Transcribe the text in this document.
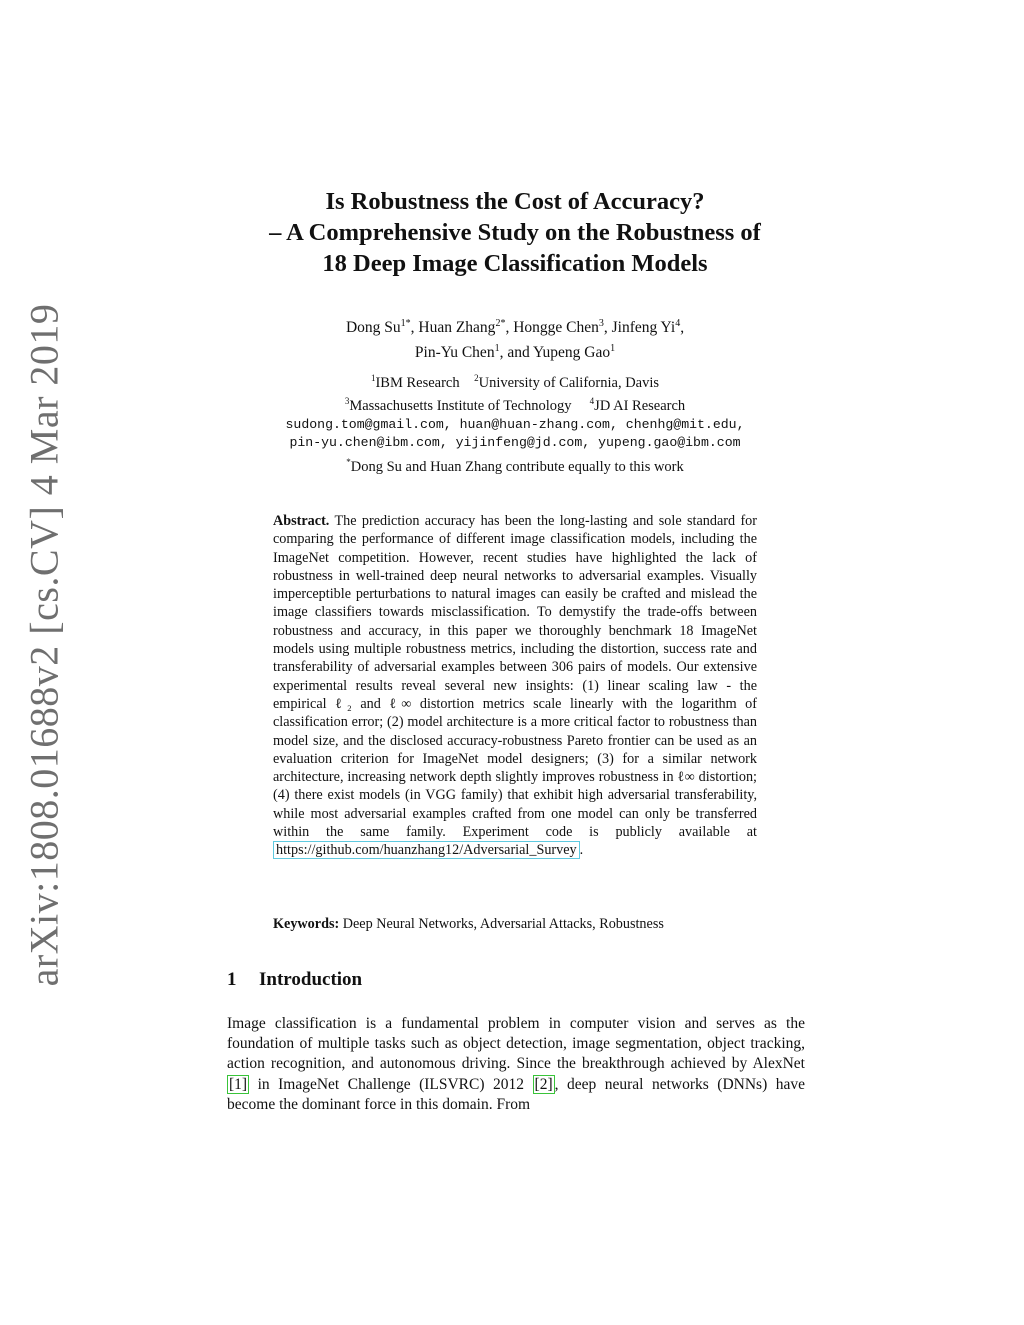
arXiv:1808.01688v2 [cs.CV] 4 Mar 2019
Is Robustness the Cost of Accuracy?
– A Comprehensive Study on the Robustness of
18 Deep Image Classification Models
Dong $Su^{1*}$, Huan Zhang$^{2*}$, Hongge Chen$^3$, Jinfeng Yi$^4$,
Pin-Yu Chen$^1$, and Yupeng Gao$^1$
$^1$IBM Research $^2$University of California, Davis
$^3$Massachusetts Institute of Technology $^4$JD AI Research
sudong.tom@gmail.com, huan@huan-zhang.com, chenhg@mit.edu,
pin-yu.chen@ibm.com, yijinfeng@jd.com, yupeng.gao@ibm.com
*Dong Su and Huan Zhang contribute equally to this work
Abstract. The prediction accuracy has been the long-lasting and sole standard for comparing the performance of different image classification models, including the ImageNet competition. However, recent studies have highlighted the lack of robustness in well-trained deep neural networks to adversarial examples. Visually imperceptible perturbations to natural images can easily be crafted and mislead the image classifiers towards misclassification. To demystify the trade-offs between robustness and accuracy, in this paper we thoroughly benchmark 18 ImageNet models using multiple robustness metrics, including the distortion, success rate and transferability of adversarial examples between 306 pairs of models. Our extensive experimental results reveal several new insights: (1) linear scaling law - the empirical ℓ₂ and ℓ∞ distortion metrics scale linearly with the logarithm of classification error; (2) model architecture is a more critical factor to robustness than model size, and the disclosed accuracy-robustness Pareto frontier can be used as an evaluation criterion for ImageNet model designers; (3) for a similar network architecture, increasing network depth slightly improves robustness in ℓ∞ distortion; (4) there exist models (in VGG family) that exhibit high adversarial transferability, while most adversarial examples crafted from one model can only be transferred within the same family. Experiment code is publicly available at https://github.com/huanzhang12/Adversarial_Survey .
Keywords: Deep Neural Networks, Adversarial Attacks, Robustness
1 Introduction
Image classification is a fundamental problem in computer vision and serves as the foundation of multiple tasks such as object detection, image segmentation, object tracking, action recognition, and autonomous driving. Since the breakthrough achieved by AlexNet [1] in ImageNet Challenge (ILSVRC) 2012 [2] , deep neural networks (DNNs) have become the dominant force in this domain. From
